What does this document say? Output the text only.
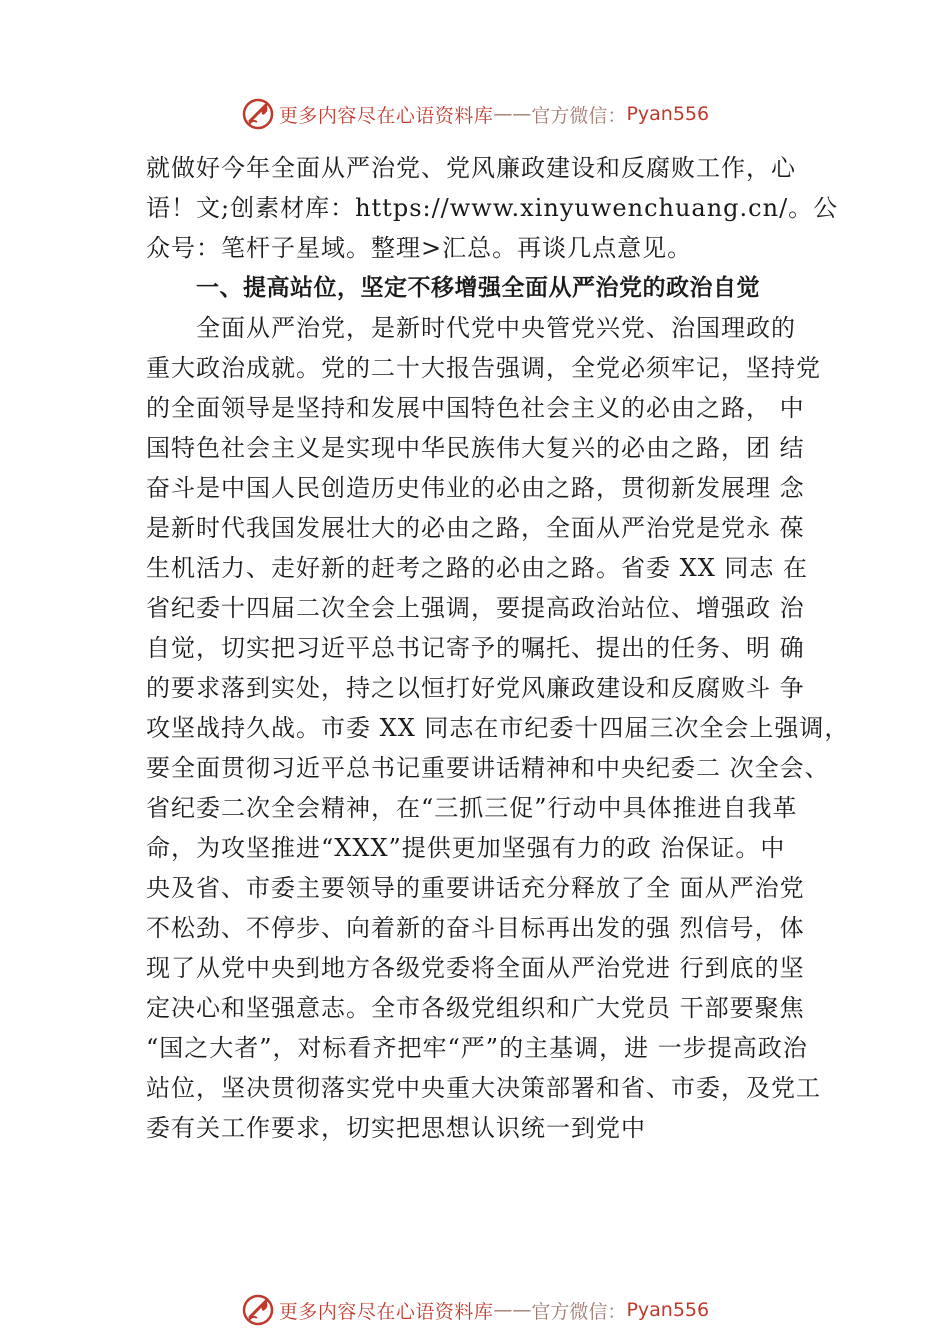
更多内容尽在心语资料库 —— 官方微信： Pyan556
就做好今年全面从严治党、党风廉政建设和反腐败工作，心
语！文;创素材库：https://www.xinyuwenchuang.cn/。公
众号：笔杆子星域。整理>汇总。再谈几点意见。
一、提高站位，坚定不移增强全面从严治党的政治自觉
全面从严治党，是新时代党中央管党兴党、治国理政的
重大政治成就。党的二十大报告强调，全党必须牢记，坚持党
的全面领导是坚持和发展中国特色社会主义的必由之路， 中
国特色社会主义是实现中华民族伟大复兴的必由之路，团 结
奋斗是中国人民创造历史伟业的必由之路，贯彻新发展理 念
是新时代我国发展壮大的必由之路，全面从严治党是党永 葆
生机活力、走好新的赶考之路的必由之路。省委 XX 同志 在
省纪委十四届二次全会上强调，要提高政治站位、增强政 治
自觉，切实把习近平总书记寄予的嘱托、提出的任务、明 确
的要求落到实处，持之以恒打好党风廉政建设和反腐败斗 争
攻坚战持久战。市委 XX 同志在市纪委十四届三次全会上强调，
要全面贯彻习近平总书记重要讲话精神和中央纪委二 次全会、
省纪委二次全会精神，在“三抓三促”行动中具体推进自我革
命，为攻坚推进“XXX”提供更加坚强有力的政 治保证。中
央及省、市委主要领导的重要讲话充分释放了全 面从严治党
不松劲、不停步、向着新的奋斗目标再出发的强 烈信号，体
现了从党中央到地方各级党委将全面从严治党进 行到底的坚
定决心和坚强意志。全市各级党组织和广大党员 干部要聚焦
“国之大者”，对标看齐把牢“严”的主基调，进 一步提高政治
站位，坚决贯彻落实党中央重大决策部署和省、市委，及党工
委有关工作要求，切实把思想认识统一到党中
更多内容尽在心语资料库 —— 官方微信： Pyan556
